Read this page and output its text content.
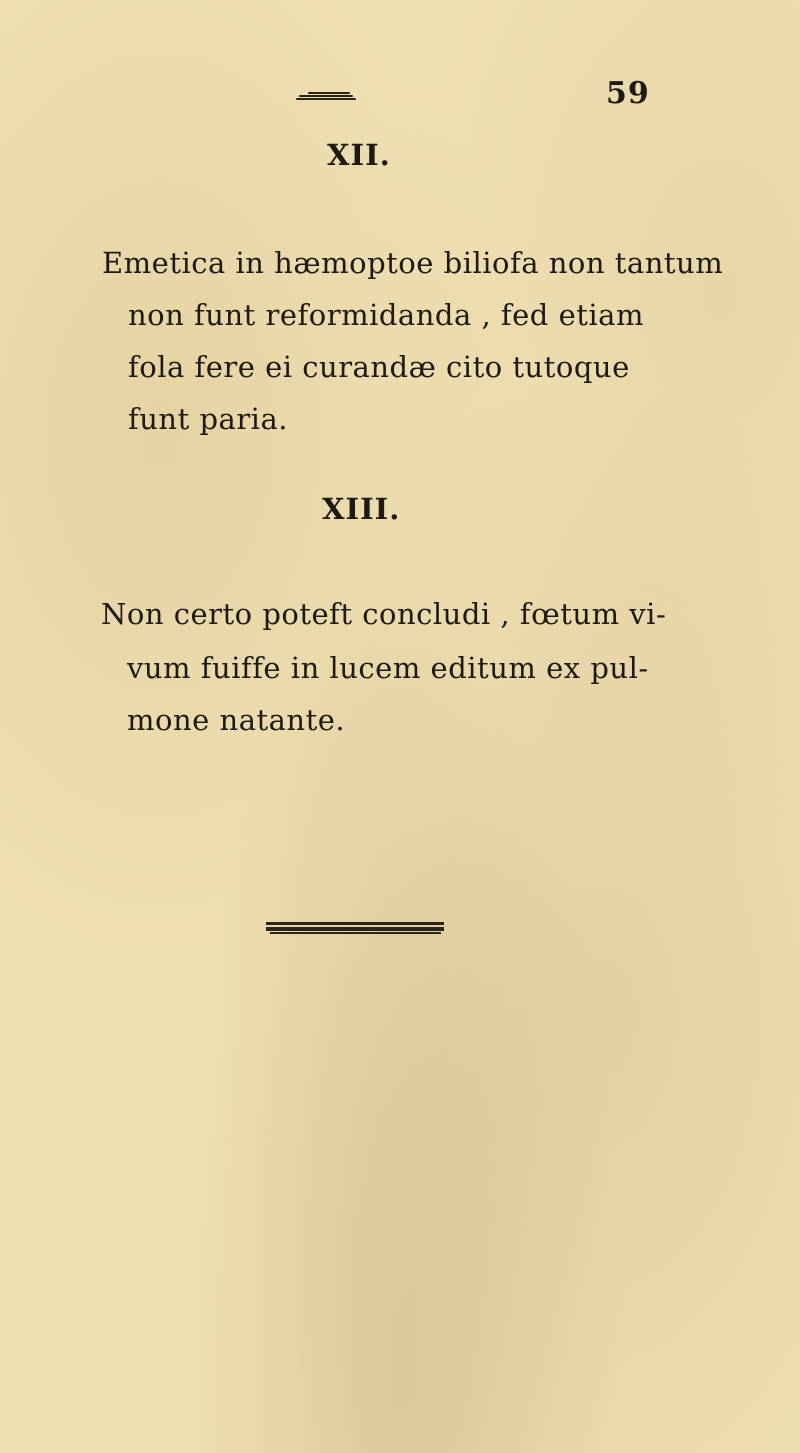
59
XII.
Emetica in hæmoptoe biliofa non tantum
non funt reformidanda , fed etiam
fola fere ei curandæ cito tutoque
funt paria.
XIII.
Non certo poteft concludi , fœtum vi-
vum fuiffe in lucem editum ex pul-
mone natante.
